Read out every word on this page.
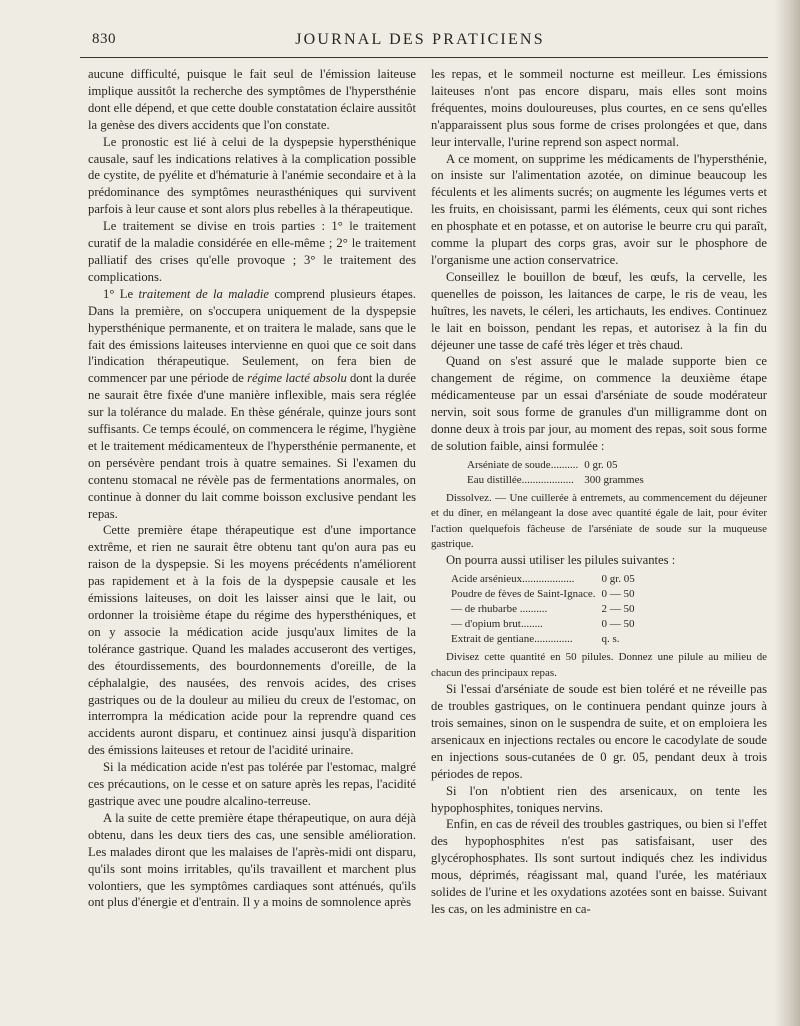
830	JOURNAL DES PRATICIENS

aucune difficulté, puisque le fait seul de l'émission laiteuse implique aussitôt la recherche des symptômes de l'hypersthénie dont elle dépend, et que cette double constatation éclaire aussitôt la genèse des divers accidents que l'on constate.

Le pronostic est lié à celui de la dyspepsie hypersthénique causale, sauf les indications relatives à la complication possible de cystite, de pyélite et d'hématurie à l'anémie secondaire et à la prédominance des symptômes neurasthéniques qui survivent parfois à leur cause et sont alors plus rebelles à la thérapeutique.

Le traitement se divise en trois parties : 1° le traitement curatif de la maladie considérée en elle-même ; 2° le traitement palliatif des crises qu'elle provoque ; 3° le traitement des complications.

1° Le traitement de la maladie comprend plusieurs étapes. Dans la première, on s'occupera uniquement de la dyspepsie hypersthénique permanente, et on traitera le malade, sans que le fait des émissions laiteuses intervienne en quoi que ce soit dans l'indication thérapeutique. Seulement, on fera bien de commencer par une période de régime lacté absolu dont la durée ne saurait être fixée d'une manière inflexible, mais sera réglée sur la tolérance du malade. En thèse générale, quinze jours sont suffisants. Ce temps écoulé, on commencera le régime, l'hygiène et le traitement médicamenteux de l'hypersthénie permanente, et on persévère pendant trois à quatre semaines. Si l'examen du contenu stomacal ne révèle pas de fermentations anormales, on continue à donner du lait comme boisson exclusive pendant les repas.

Cette première étape thérapeutique est d'une importance extrême, et rien ne saurait être obtenu tant qu'on aura pas eu raison de la dyspepsie. Si les moyens précédents n'améliorent pas rapidement et à la fois de la dyspepsie causale et les émissions laiteuses, on doit les laisser ainsi que le lait, ou ordonner la troisième étape du régime des hypersthéniques, et on y associe la médication acide jusqu'aux limites de la tolérance gastrique. Quand les malades accuseront des vertiges, des étourdissements, des bourdonnements d'oreille, de la céphalalgie, des nausées, des renvois acides, des crises gastriques ou de la douleur au milieu du creux de l'estomac, on interrompra la médication acide pour la reprendre quand ces accidents auront disparu, et continuez ainsi jusqu'à disparition des émissions laiteuses et retour de l'acidité urinaire.

Si la médication acide n'est pas tolérée par l'estomac, malgré ces précautions, on le cesse et on sature après les repas, l'acidité gastrique avec une poudre alcalino-terreuse.

A la suite de cette première étape thérapeutique, on aura déjà obtenu, dans les deux tiers des cas, une sensible amélioration. Les malades diront que les malaises de l'après-midi ont disparu, qu'ils sont moins irritables, qu'ils travaillent et marchent plus volontiers, que les symptômes cardiaques sont atténués, qu'ils ont plus d'énergie et d'entrain. Il y a moins de somnolence après

les repas, et le sommeil nocturne est meilleur. Les émissions laiteuses n'ont pas encore disparu, mais elles sont moins fréquentes, moins douloureuses, plus courtes, en ce sens qu'elles n'apparaissent plus sous forme de crises prolongées et que, dans leur intervalle, l'urine reprend son aspect normal.

A ce moment, on supprime les médicaments de l'hypersthénie, on insiste sur l'alimentation azotée, on diminue beaucoup les féculents et les aliments sucrés; on augmente les légumes verts et les fruits, en choisissant, parmi les éléments, ceux qui sont riches en phosphate et en potasse, et on autorise le beurre cru qui paraît, comme la plupart des corps gras, avoir sur le phosphore de l'organisme une action conservatrice.

Conseillez le bouillon de bœuf, les œufs, la cervelle, les quenelles de poisson, les laitances de carpe, le ris de veau, les huîtres, les navets, le céleri, les artichauts, les endives. Continuez le lait en boisson, pendant les repas, et autorisez à la fin du déjeuner une tasse de café très léger et très chaud.

Quand on s'est assuré que le malade supporte bien ce changement de régime, on commence la deuxième étape médicamenteuse par un essai d'arséniate de soude modérateur nervin, soit sous forme de granules d'un milligramme dont on donne deux à trois par jour, au moment des repas, soit sous forme de solution faible, ainsi formulée :

Arséniate de soude..........	0 gr. 05
Eau distillée...................	300 grammes

Dissolvez. — Une cuillerée à entremets, au commencement du déjeuner et du dîner, en mélangeant la dose avec quantité égale de lait, pour éviter l'action quelquefois fâcheuse de l'arséniate de soude sur la muqueuse gastrique.

On pourra aussi utiliser les pilules suivantes :

Acide arsénieux...................	0 gr. 05
Poudre de fèves de Saint-Ignace.	0 — 50
— de rhubarbe ..........	2 — 50
— d'opium brut........	0 — 50
Extrait de gentiane..............	q. s.

Divisez cette quantité en 50 pilules. Donnez une pilule au milieu de chacun des principaux repas.

Si l'essai d'arséniate de soude est bien toléré et ne réveille pas de troubles gastriques, on le continuera pendant quinze jours à trois semaines, sinon on le suspendra de suite, et on emploiera les arsenicaux en injections rectales ou encore le cacodylate de soude en injections sous-cutanées de 0 gr. 05, pendant deux à trois périodes de repos.

Si l'on n'obtient rien des arsenicaux, on tente les hypophosphites, toniques nervins.

Enfin, en cas de réveil des troubles gastriques, ou bien si l'effet des hypophosphites n'est pas satisfaisant, user des glycérophosphates. Ils sont surtout indiqués chez les individus mous, déprimés, réagissant mal, quand l'urée, les matériaux solides de l'urine et les oxydations azotées sont en baisse. Suivant les cas, on les administre en ca-
